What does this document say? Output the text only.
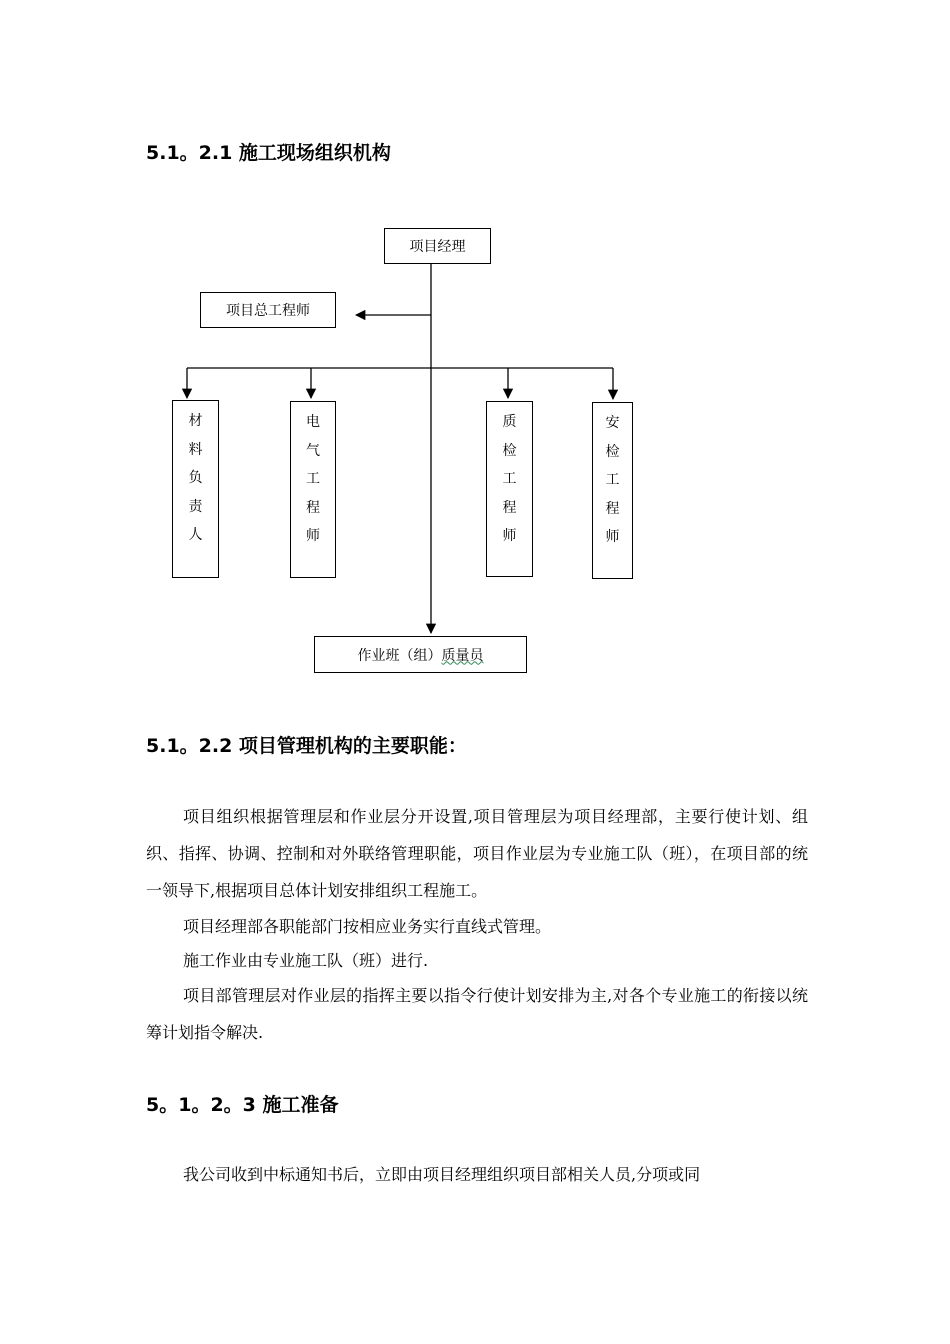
5.1。2.1 施工现场组织机构
项目经理
项目总工程师
材料负责人
电气工程师
质检工程师
安检工程师
作业班（组） 质量员
5.1。2.2 项目管理机构的主要职能：

项目组织根据管理层和作业层分开设置,项目管理层为项目经理部，主要行使计划、组织、指挥、协调、控制和对外联络管理职能，项目作业层为专业施工队（班），在项目部的统一领导下,根据项目总体计划安排组织工程施工。

项目经理部各职能部门按相应业务实行直线式管理。

施工作业由专业施工队（班）进行.

项目部管理层对作业层的指挥主要以指令行使计划安排为主,对各个专业施工的衔接以统筹计划指令解决.

5。1。2。3 施工准备

我公司收到中标通知书后，立即由项目经理组织项目部相关人员,分项或同
